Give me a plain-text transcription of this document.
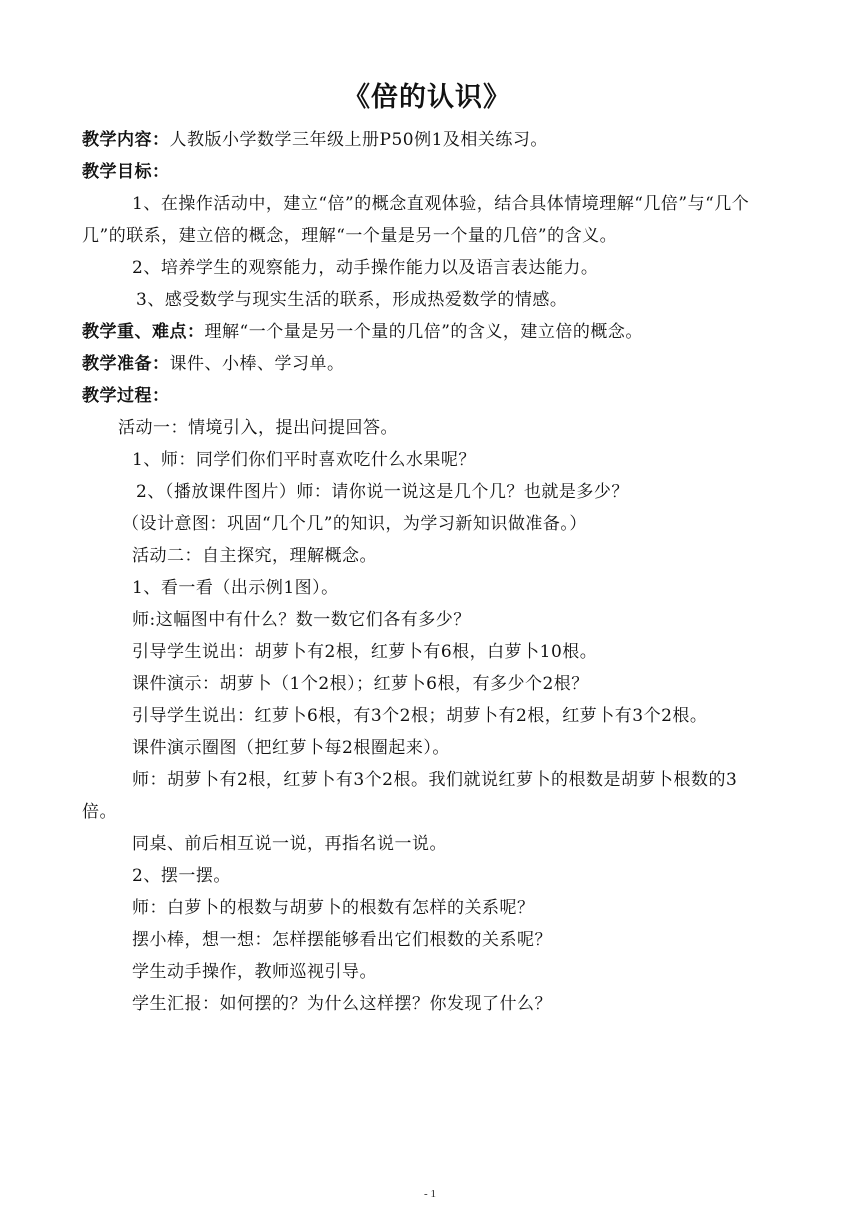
《倍的认识》
教学内容：人教版小学数学三年级上册P50例1及相关练习。
教学目标：
1、在操作活动中，建立“倍”的概念直观体验，结合具体情境理解“几倍”与“几个几”的联系，建立倍的概念，理解“一个量是另一个量的几倍”的含义。
2、培养学生的观察能力，动手操作能力以及语言表达能力。
3、感受数学与现实生活的联系，形成热爱数学的情感。
教学重、难点：理解“一个量是另一个量的几倍”的含义，建立倍的概念。
教学准备：课件、小棒、学习单。
教学过程：
活动一：情境引入，提出问提回答。
1、师：同学们你们平时喜欢吃什么水果呢？
2、（播放课件图片）师：请你说一说这是几个几？也就是多少？
（设计意图：巩固“几个几”的知识，为学习新知识做准备。）
活动二：自主探究，理解概念。
1、看一看（出示例1图）。
师:这幅图中有什么？数一数它们各有多少？
引导学生说出：胡萝卜有2根，红萝卜有6根，白萝卜10根。
课件演示：胡萝卜（1个2根）；红萝卜6根，有多少个2根？
引导学生说出：红萝卜6根，有3个2根；胡萝卜有2根，红萝卜有3个2根。
课件演示圈图（把红萝卜每2根圈起来）。
师：胡萝卜有2根，红萝卜有3个2根。我们就说红萝卜的根数是胡萝卜根数的3倍。
同桌、前后相互说一说，再指名说一说。
2、摆一摆。
师：白萝卜的根数与胡萝卜的根数有怎样的关系呢？
摆小棒，想一想：怎样摆能够看出它们根数的关系呢？
学生动手操作，教师巡视引导。
学生汇报：如何摆的？为什么这样摆？你发现了什么？
- 1
